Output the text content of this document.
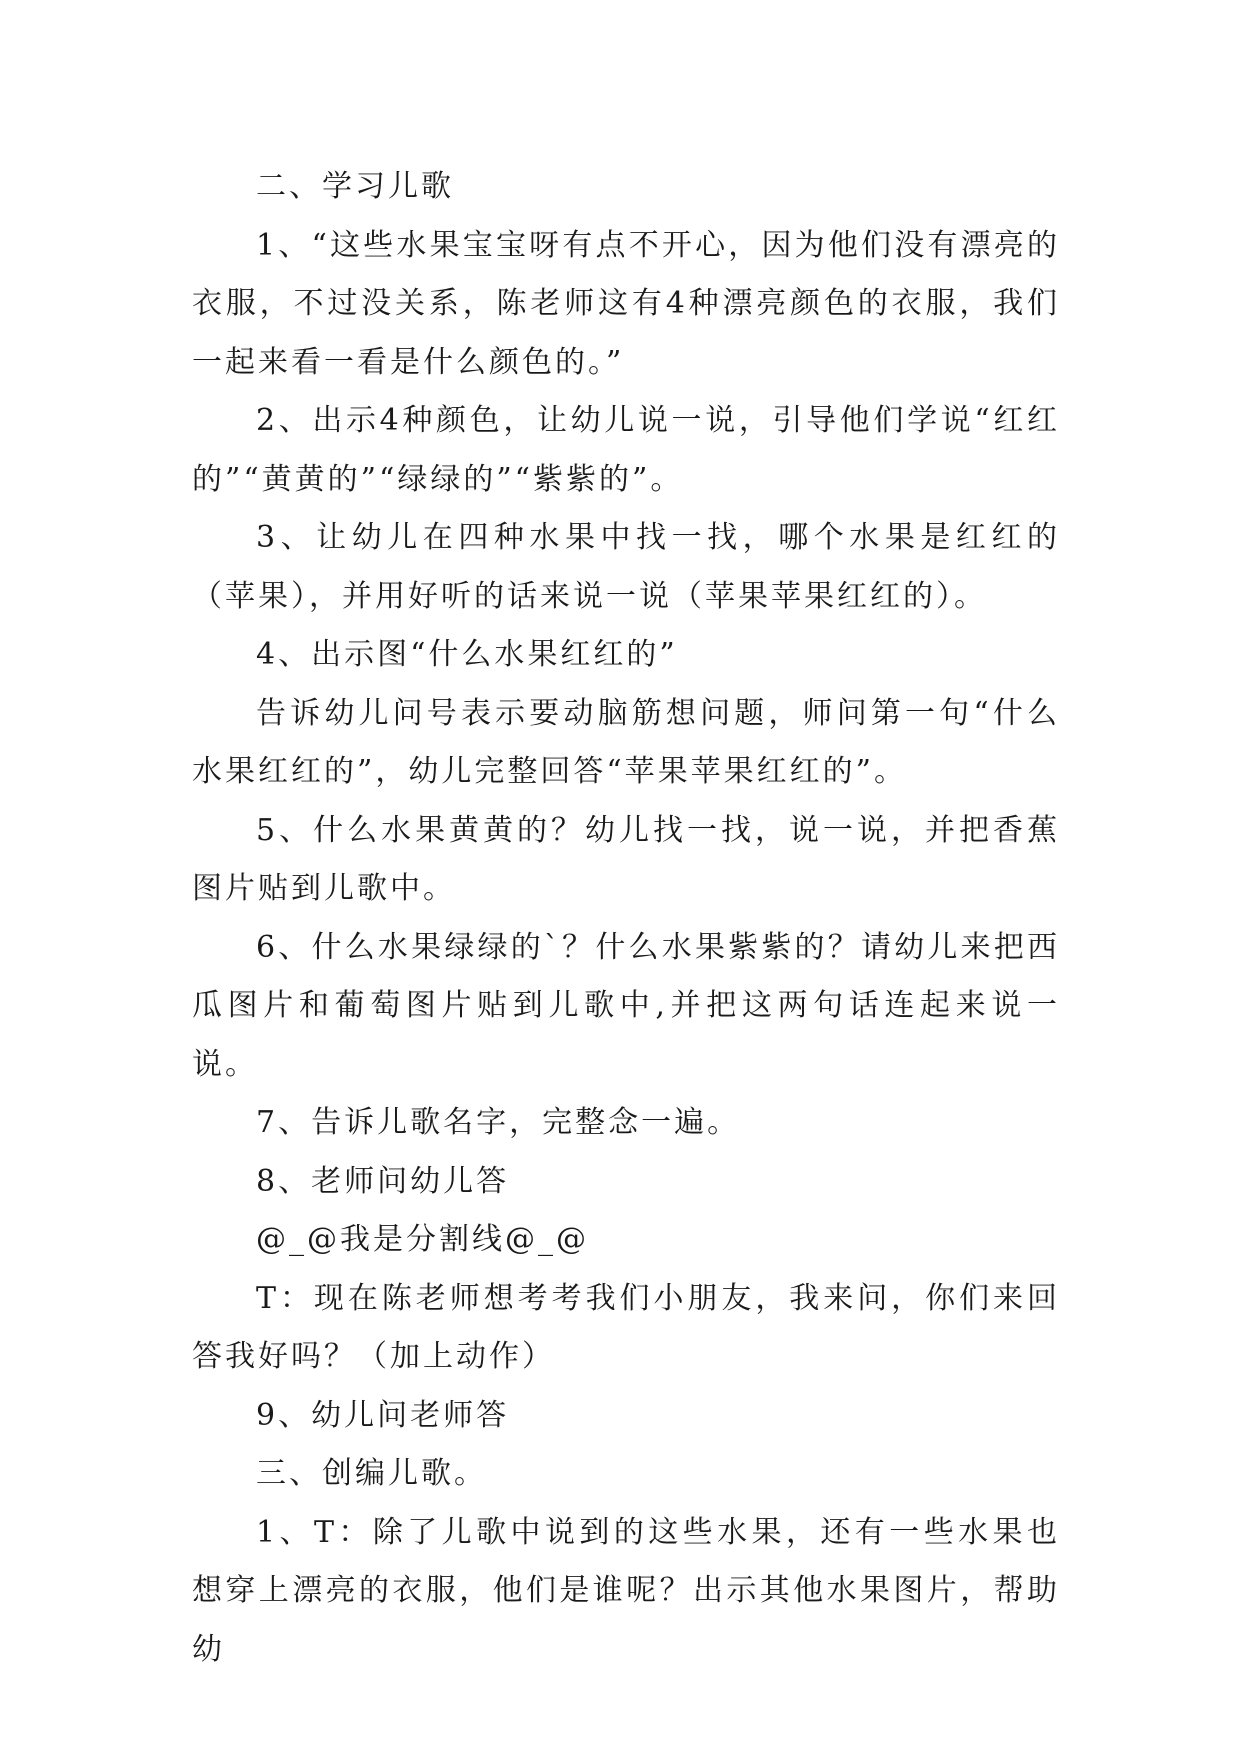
二、学习儿歌

1、“这些水果宝宝呀有点不开心，因为他们没有漂亮的衣服，不过没关系，陈老师这有4种漂亮颜色的衣服，我们一起来看一看是什么颜色的。”

2、出示4种颜色，让幼儿说一说，引导他们学说“红红的”“黄黄的”“绿绿的”“紫紫的”。

3、让幼儿在四种水果中找一找，哪个水果是红红的（苹果），并用好听的话来说一说（苹果苹果红红的）。

4、出示图“什么水果红红的”

告诉幼儿问号表示要动脑筋想问题，师问第一句“什么水果红红的”，幼儿完整回答“苹果苹果红红的”。

5、什么水果黄黄的？幼儿找一找，说一说，并把香蕉图片贴到儿歌中。

6、什么水果绿绿的`？什么水果紫紫的？请幼儿来把西瓜图片和葡萄图片贴到儿歌中,并把这两句话连起来说一说。

7、告诉儿歌名字，完整念一遍。

8、老师问幼儿答

@_@我是分割线@_@

T：现在陈老师想考考我们小朋友，我来问，你们来回答我好吗？（加上动作）

9、幼儿问老师答

三、创编儿歌。

1、T：除了儿歌中说到的这些水果，还有一些水果也想穿上漂亮的衣服，他们是谁呢？出示其他水果图片，帮助幼
